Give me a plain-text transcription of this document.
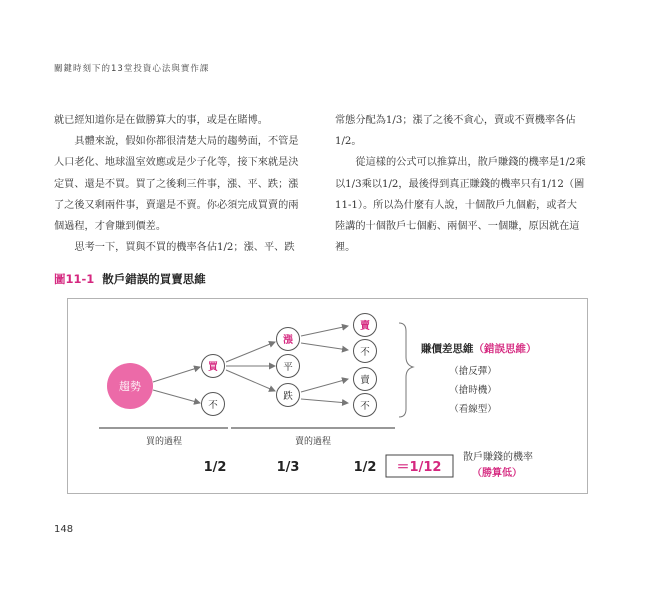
關鍵時刻下的13堂投資心法與實作課

就已經知道你是在做勝算大的事，或是在賭博。

具體來說，假如你都很清楚大局的趨勢面，不管是人口老化、地球溫室效應或是少子化等，接下來就是決定買、還是不買。買了之後剩三件事，漲、平、跌；漲了之後又剩兩件事，賣還是不賣。你必須完成買賣的兩個過程，才會賺到價差。

思考一下，買與不買的機率各佔1/2；漲、平、跌

常態分配為1/3；漲了之後不貪心，賣或不賣機率各佔1/2。

從這樣的公式可以推算出，散戶賺錢的機率是1/2乘以1/3乘以1/2，最後得到真正賺錢的機率只有1/12（圖11-1）。所以為什麼有人說，十個散戶九個虧，或者大陸講的十個散戶七個虧、兩個平、一個賺，原因就在這裡。

圖11-1 散戶錯誤的買賣思維
趨勢
買
不
漲
平
跌
賣
不
賣
不
賺價差思維（錯誤思維）
（搶反彈）
（搶時機）
（看線型）
買的過程	賣的過程
1/2	1/3	1/2 ＝1/12
散戶賺錢的機率
（勝算低）
148
